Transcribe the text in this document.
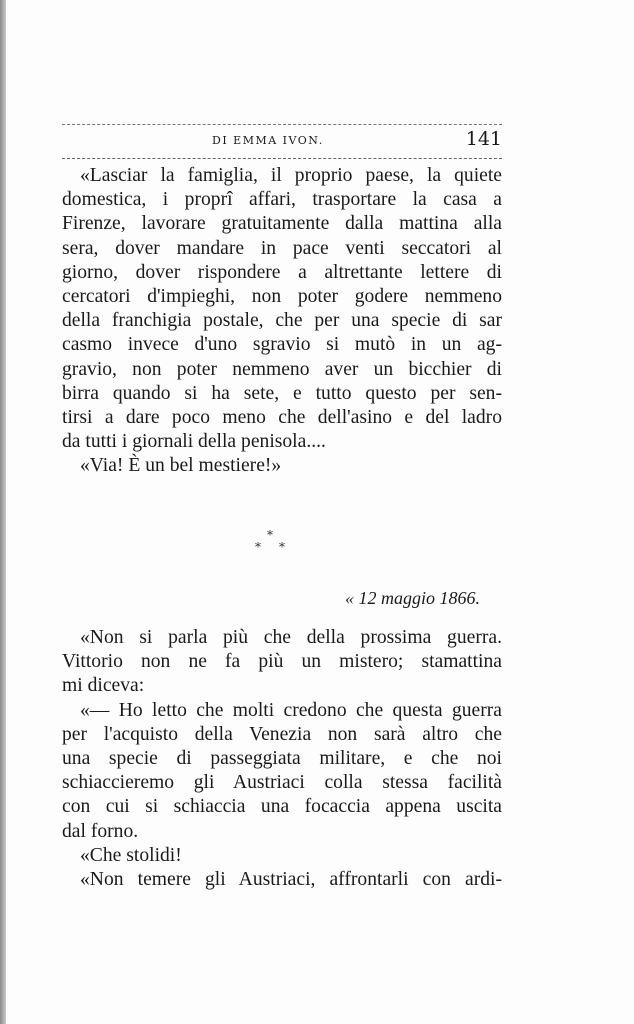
DI EMMA IVON.	141
«Lasciar la famiglia, il proprio paese, la quiete
domestica, i proprî affari, trasportare la casa a
Firenze, lavorare gratuitamente dalla mattina alla
sera, dover mandare in pace venti seccatori al
giorno, dover rispondere a altrettante lettere di
cercatori d'impieghi, non poter godere nemmeno
della franchigia postale, che per una specie di sar
casmo invece d'uno sgravio si mutò in un ag-
gravio, non poter nemmeno aver un bicchier di
birra quando si ha sete, e tutto questo per sen-
tirsi a dare poco meno che dell'asino e del ladro
da tutti i giornali della penisola....
«Via! È un bel mestiere!»
*
* *
« 12 maggio 1866.
«Non si parla più che della prossima guerra.
Vittorio non ne fa più un mistero; stamattina
mi diceva:
«— Ho letto che molti credono che questa guerra
per l'acquisto della Venezia non sarà altro che
una specie di passeggiata militare, e che noi
schiaccieremo gli Austriaci colla stessa facilità
con cui si schiaccia una focaccia appena uscita
dal forno.
«Che stolidi!
«Non temere gli Austriaci, affrontarli con ardi-
